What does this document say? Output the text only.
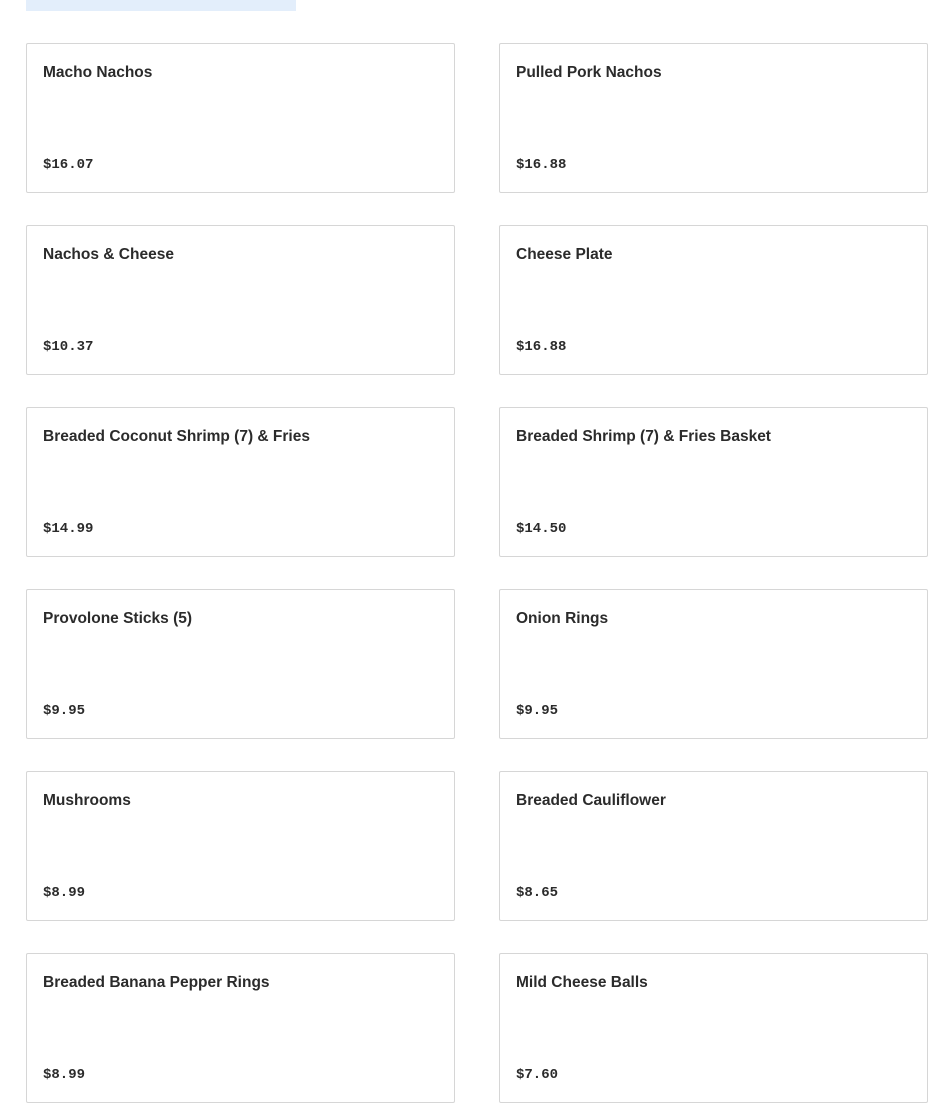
Macho Nachos
$16.07
Pulled Pork Nachos
$16.88
Nachos & Cheese
$10.37
Cheese Plate
$16.88
Breaded Coconut Shrimp (7) & Fries
$14.99
Breaded Shrimp (7) & Fries Basket
$14.50
Provolone Sticks (5)
$9.95
Onion Rings
$9.95
Mushrooms
$8.99
Breaded Cauliflower
$8.65
Breaded Banana Pepper Rings
$8.99
Mild Cheese Balls
$7.60
